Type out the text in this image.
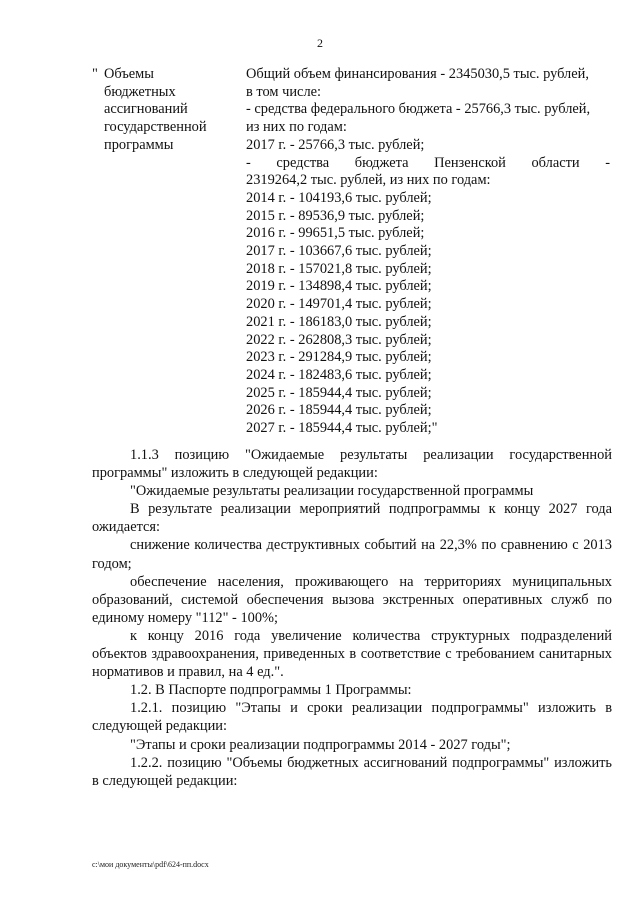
2
" Объемы
бюджетных
ассигнований
государственной
программы
Общий объем финансирования - 2345030,5 тыс. рублей,
в том числе:
- средства федерального бюджета - 25766,3 тыс. рублей,
из них по годам:
2017 г. - 25766,3 тыс. рублей;
- средства бюджета Пензенской области -
2319264,2 тыс. рублей, из них по годам:
2014 г. - 104193,6 тыс. рублей;
2015 г. - 89536,9 тыс. рублей;
2016 г. - 99651,5 тыс. рублей;
2017 г. - 103667,6 тыс. рублей;
2018 г. - 157021,8 тыс. рублей;
2019 г. - 134898,4 тыс. рублей;
2020 г. - 149701,4 тыс. рублей;
2021 г. - 186183,0 тыс. рублей;
2022 г. - 262808,3 тыс. рублей;
2023 г. - 291284,9 тыс. рублей;
2024 г. - 182483,6 тыс. рублей;
2025 г. - 185944,4 тыс. рублей;
2026 г. - 185944,4 тыс. рублей;
2027 г. - 185944,4 тыс. рублей;"
1.1.3 позицию "Ожидаемые результаты реализации государственной программы" изложить в следующей редакции:
"Ожидаемые результаты реализации государственной программы
В результате реализации мероприятий подпрограммы к концу 2027 года ожидается:
снижение количества деструктивных событий на 22,3% по сравнению с 2013 годом;
обеспечение населения, проживающего на территориях муниципальных образований, системой обеспечения вызова экстренных оперативных служб по единому номеру "112" - 100%;
к концу 2016 года увеличение количества структурных подразделений объектов здравоохранения, приведенных в соответствие с требованием санитарных нормативов и правил, на 4 ед.".
1.2. В Паспорте подпрограммы 1 Программы:
1.2.1. позицию "Этапы и сроки реализации подпрограммы" изложить в следующей редакции:
"Этапы и сроки реализации подпрограммы 2014 - 2027 годы";
1.2.2. позицию "Объемы бюджетных ассигнований подпрограммы" изложить в следующей редакции:
c:\мои документы\pdf\624-пп.docx
